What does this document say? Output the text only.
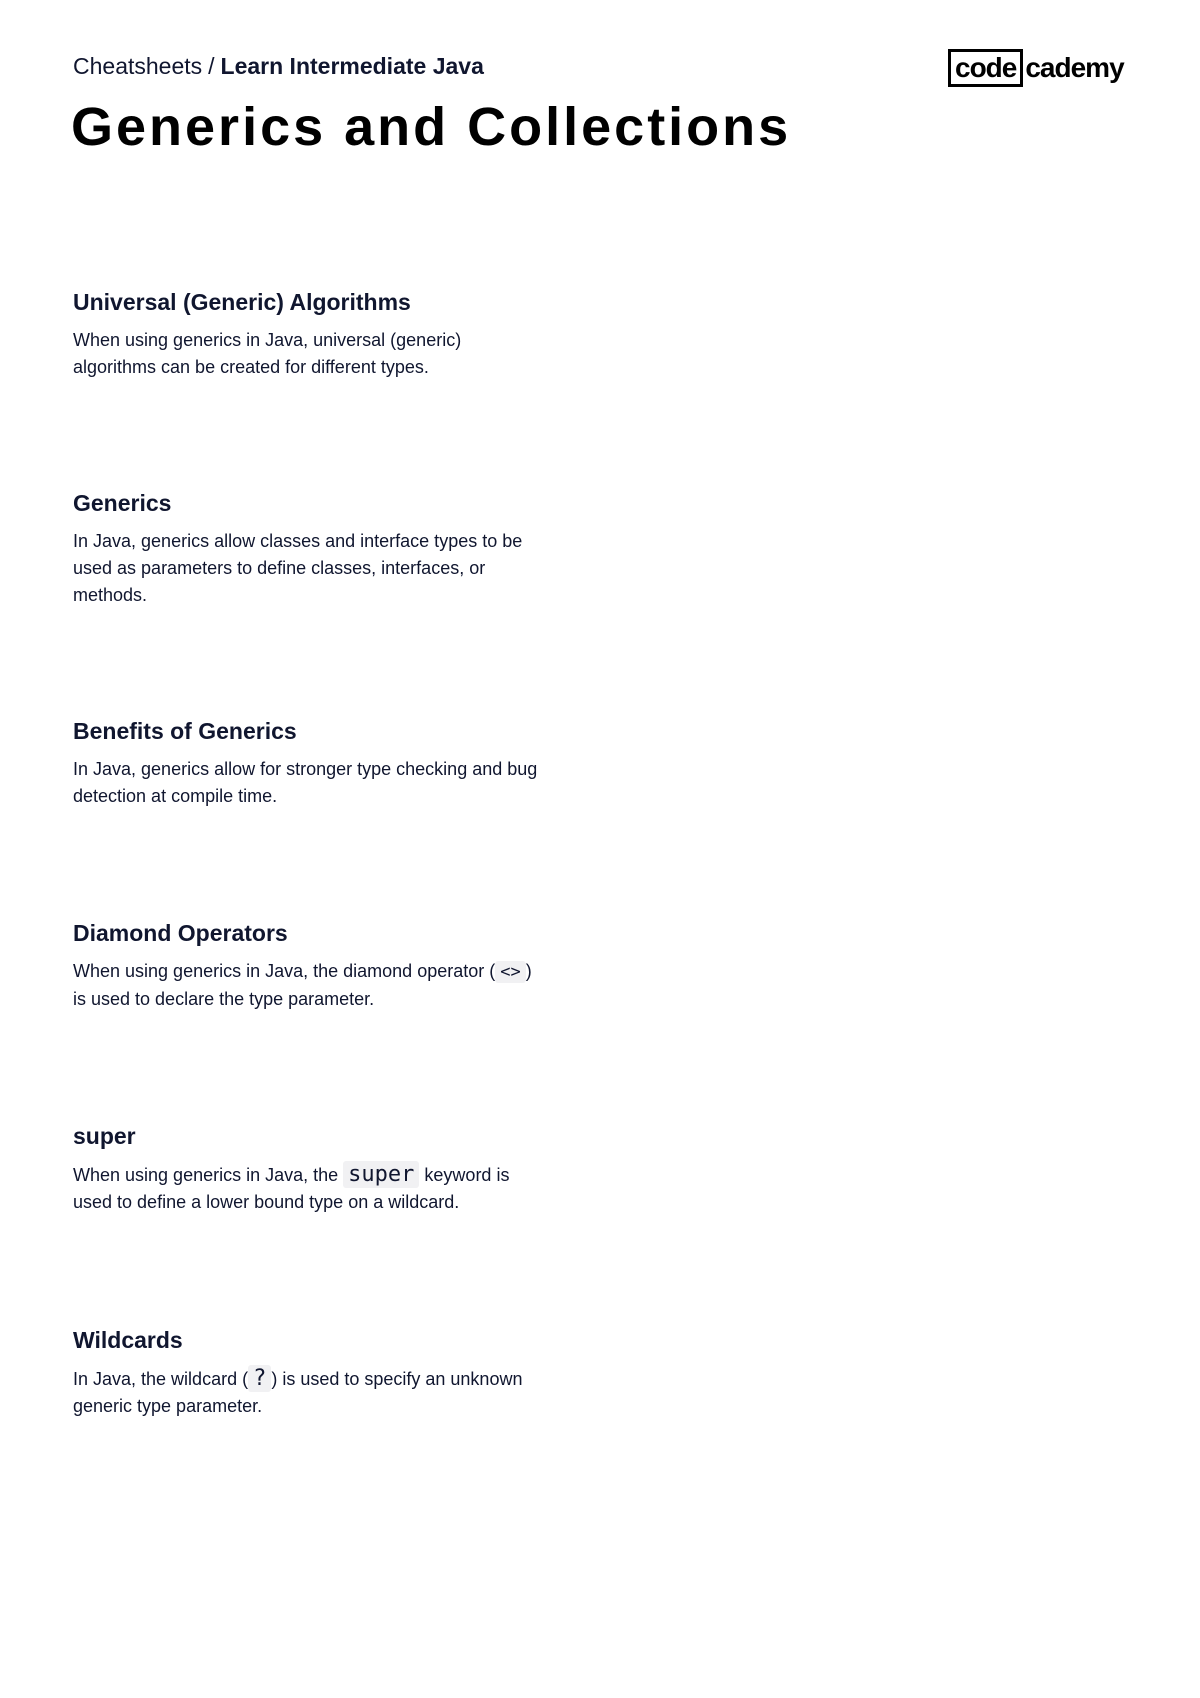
Cheatsheets / Learn Intermediate Java	code cademy
Generics and Collections
Universal (Generic) Algorithms

When using generics in Java, universal (generic) algorithms can be created for different types.

Generics

In Java, generics allow classes and interface types to be used as parameters to define classes, interfaces, or methods.

Benefits of Generics

In Java, generics allow for stronger type checking and bug detection at compile time.

Diamond Operators

When using generics in Java, the diamond operator ( <> ) is used to declare the type parameter.

super

When using generics in Java, the super keyword is used to define a lower bound type on a wildcard.

Wildcards

In Java, the wildcard ( ? ) is used to specify an unknown generic type parameter.
